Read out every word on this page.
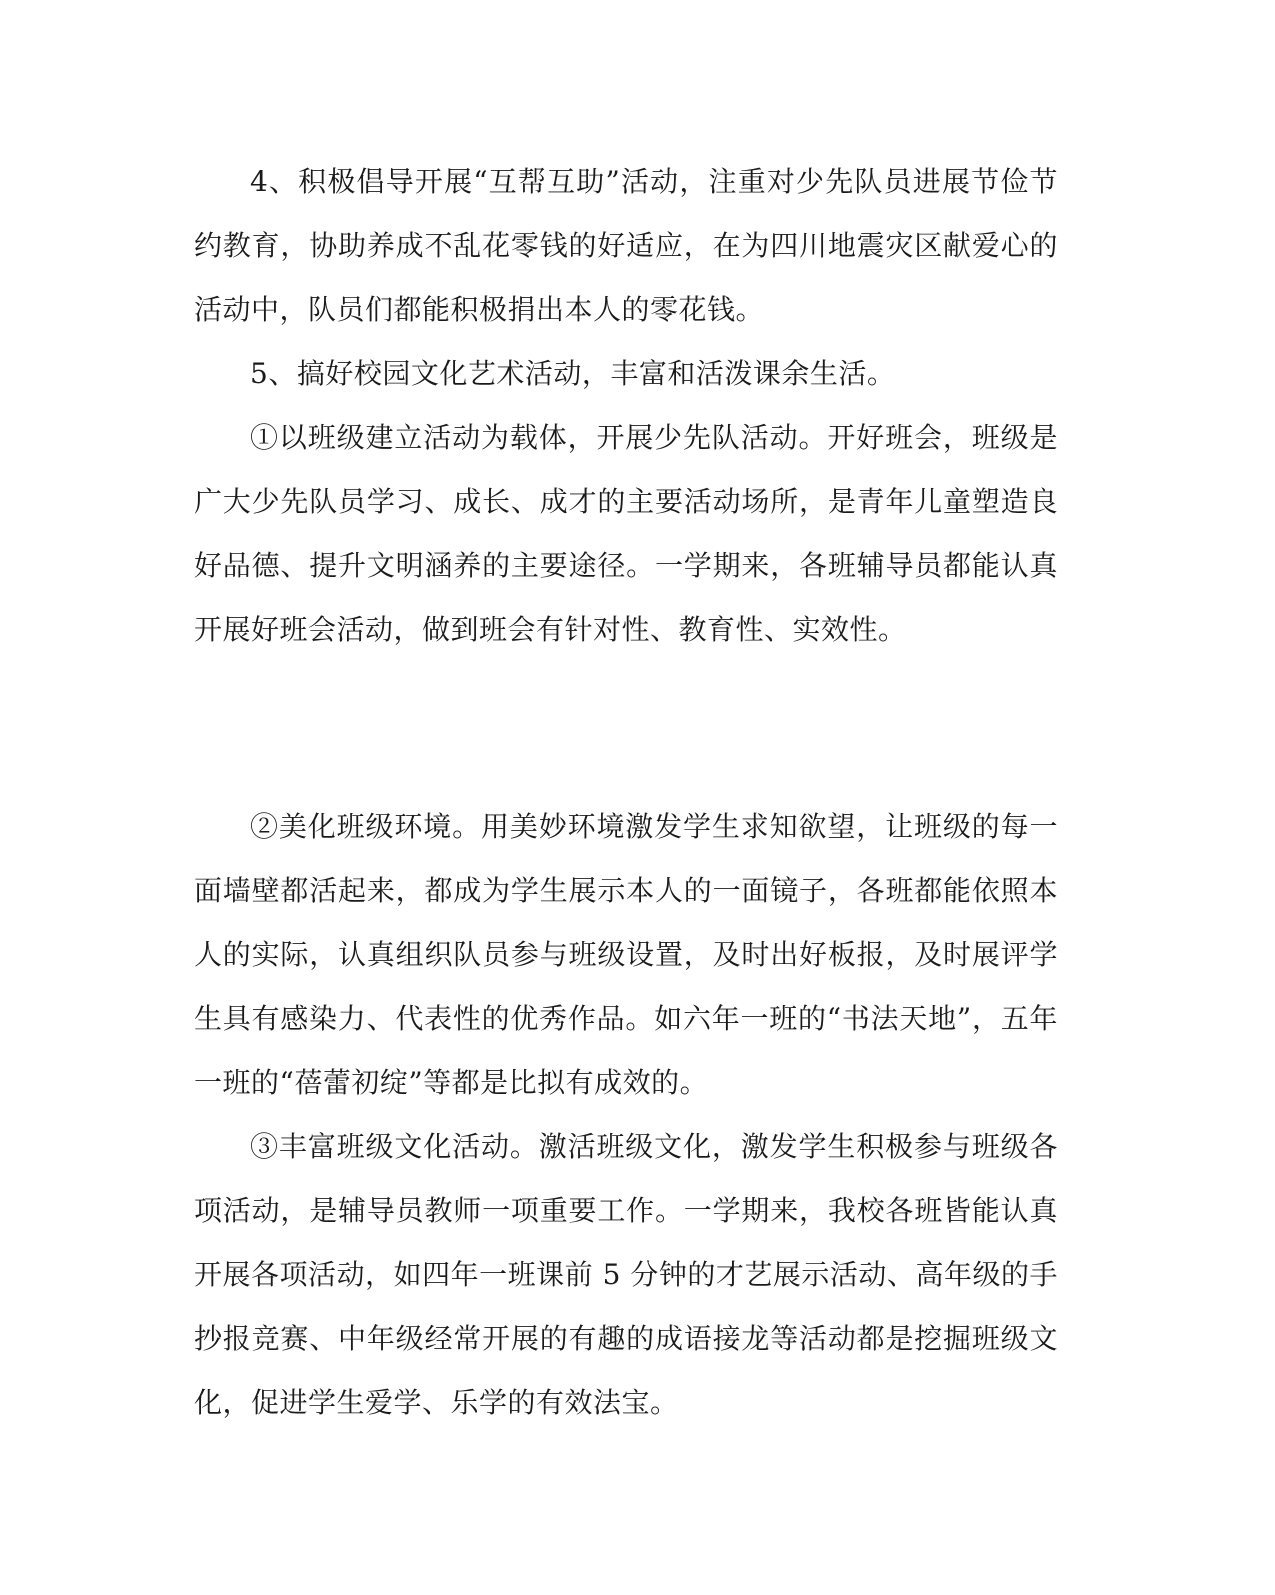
4、积极倡导开展“互帮互助”活动，注重对少先队员进展节俭节约教育，协助养成不乱花零钱的好适应，在为四川地震灾区献爱心的活动中，队员们都能积极捐出本人的零花钱。

5、搞好校园文化艺术活动，丰富和活泼课余生活。

①以班级建立活动为载体，开展少先队活动。开好班会，班级是广大少先队员学习、成长、成才的主要活动场所，是青年儿童塑造良好品德、提升文明涵养的主要途径。一学期来，各班辅导员都能认真开展好班会活动，做到班会有针对性、教育性、实效性。

②美化班级环境。用美妙环境激发学生求知欲望，让班级的每一面墙壁都活起来，都成为学生展示本人的一面镜子，各班都能依照本人的实际，认真组织队员参与班级设置，及时出好板报，及时展评学生具有感染力、代表性的优秀作品。如六年一班的“书法天地”，五年一班的“蓓蕾初绽”等都是比拟有成效的。

③丰富班级文化活动。激活班级文化，激发学生积极参与班级各项活动，是辅导员教师一项重要工作。一学期来，我校各班皆能认真开展各项活动，如四年一班课前 5 分钟的才艺展示活动、高年级的手抄报竞赛、中年级经常开展的有趣的成语接龙等活动都是挖掘班级文化，促进学生爱学、乐学的有效法宝。
